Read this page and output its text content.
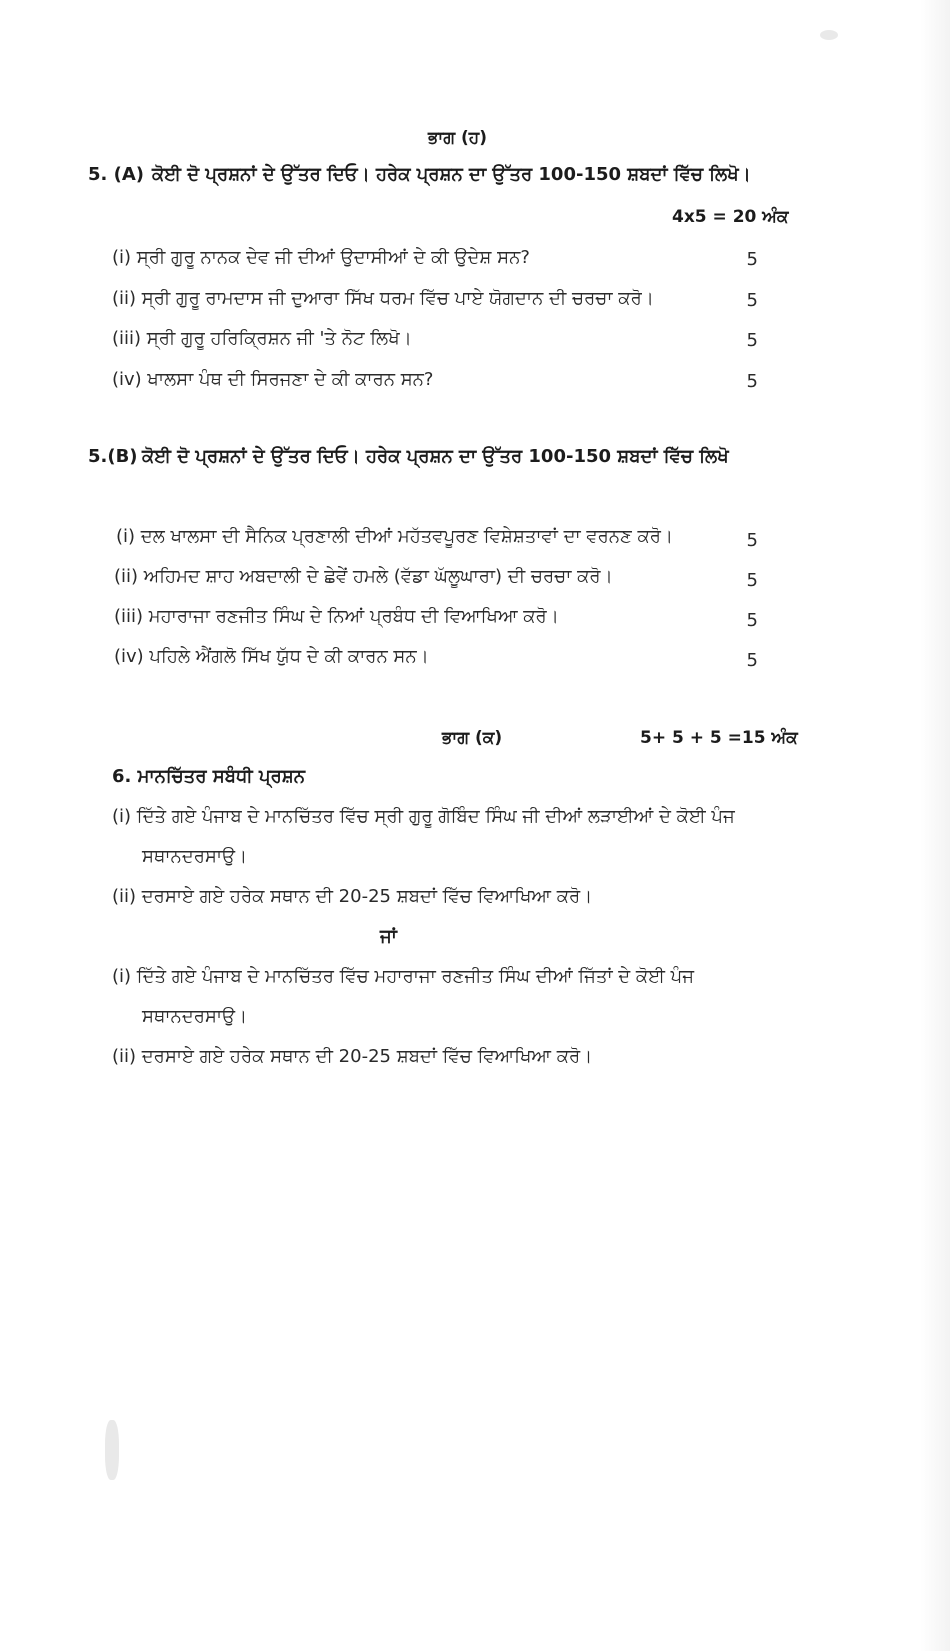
ਭਾਗ (ਹ)
5. (A) ਕੋਈ ਦੋ ਪ੍ਰਸ਼ਨਾਂ ਦੇ ਉੱਤਰ ਦਿਓ। ਹਰੇਕ ਪ੍ਰਸ਼ਨ ਦਾ ਉੱਤਰ 100-150 ਸ਼ਬਦਾਂ ਵਿੱਚ ਲਿਖੋ।
4x5 = 20 ਅੰਕ
(i) ਸ੍ਰੀ ਗੁਰੂ ਨਾਨਕ ਦੇਵ ਜੀ ਦੀਆਂ ਉਦਾਸੀਆਂ ਦੇ ਕੀ ਉਦੇਸ਼ ਸਨ?	5
(ii) ਸ੍ਰੀ ਗੁਰੂ ਰਾਮਦਾਸ ਜੀ ਦੁਆਰਾ ਸਿੱਖ ਧਰਮ ਵਿੱਚ ਪਾਏ ਯੋਗਦਾਨ ਦੀ ਚਰਚਾ ਕਰੋ।	5
(iii) ਸ੍ਰੀ ਗੁਰੂ ਹਰਿਕ੍ਰਿਸ਼ਨ ਜੀ 'ਤੇ ਨੋਟ ਲਿਖੋ।	5
(iv) ਖਾਲਸਾ ਪੰਥ ਦੀ ਸਿਰਜਣਾ ਦੇ ਕੀ ਕਾਰਨ ਸਨ?	5
5.(B) ਕੋਈ ਦੋ ਪ੍ਰਸ਼ਨਾਂ ਦੇ ਉੱਤਰ ਦਿਓ। ਹਰੇਕ ਪ੍ਰਸ਼ਨ ਦਾ ਉੱਤਰ 100-150 ਸ਼ਬਦਾਂ ਵਿੱਚ ਲਿਖੋ
(i) ਦਲ ਖਾਲਸਾ ਦੀ ਸੈਨਿਕ ਪ੍ਰਣਾਲੀ ਦੀਆਂ ਮਹੱਤਵਪੂਰਣ ਵਿਸ਼ੇਸ਼ਤਾਵਾਂ ਦਾ ਵਰਨਣ ਕਰੋ।	5
(ii) ਅਹਿਮਦ ਸ਼ਾਹ ਅਬਦਾਲੀ ਦੇ ਛੇਵੇਂ ਹਮਲੇ (ਵੱਡਾ ਘੱਲੂਘਾਰਾ) ਦੀ ਚਰਚਾ ਕਰੋ।	5
(iii) ਮਹਾਰਾਜਾ ਰਣਜੀਤ ਸਿੰਘ ਦੇ ਨਿਆਂ ਪ੍ਰਬੰਧ ਦੀ ਵਿਆਖਿਆ ਕਰੋ।	5
(iv) ਪਹਿਲੇ ਐਂਗਲੋ ਸਿੱਖ ਯੁੱਧ ਦੇ ਕੀ ਕਾਰਨ ਸਨ।	5
ਭਾਗ (ਕ)	5+ 5 + 5 =15 ਅੰਕ
6. ਮਾਨਚਿੱਤਰ ਸਬੰਧੀ ਪ੍ਰਸ਼ਨ
(i) ਦਿੱਤੇ ਗਏ ਪੰਜਾਬ ਦੇ ਮਾਨਚਿੱਤਰ ਵਿੱਚ ਸ੍ਰੀ ਗੁਰੂ ਗੋਬਿੰਦ ਸਿੰਘ ਜੀ ਦੀਆਂ ਲੜਾਈਆਂ ਦੇ ਕੋਈ ਪੰਜ
ਸਥਾਨਦਰਸਾਉ।
(ii) ਦਰਸਾਏ ਗਏ ਹਰੇਕ ਸਥਾਨ ਦੀ 20-25 ਸ਼ਬਦਾਂ ਵਿੱਚ ਵਿਆਖਿਆ ਕਰੋ।
ਜਾਂ
(i) ਦਿੱਤੇ ਗਏ ਪੰਜਾਬ ਦੇ ਮਾਨਚਿੱਤਰ ਵਿੱਚ ਮਹਾਰਾਜਾ ਰਣਜੀਤ ਸਿੰਘ ਦੀਆਂ ਜਿੱਤਾਂ ਦੇ ਕੋਈ ਪੰਜ
ਸਥਾਨਦਰਸਾਉ।
(ii) ਦਰਸਾਏ ਗਏ ਹਰੇਕ ਸਥਾਨ ਦੀ 20-25 ਸ਼ਬਦਾਂ ਵਿੱਚ ਵਿਆਖਿਆ ਕਰੋ।
